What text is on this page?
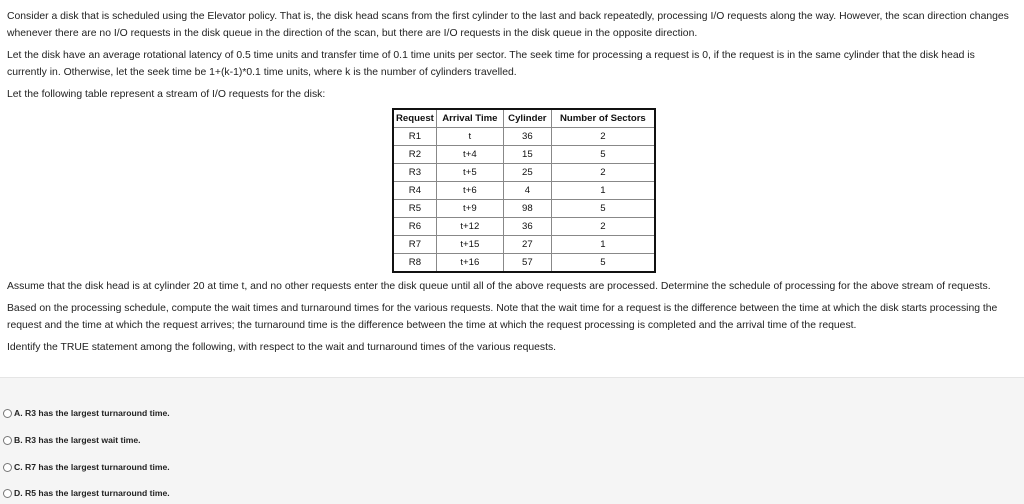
Consider a disk that is scheduled using the Elevator policy. That is, the disk head scans from the first cylinder to the last and back repeatedly, processing I/O requests along the way. However, the scan direction changes whenever there are no I/O requests in the disk queue in the direction of the scan, but there are I/O requests in the disk queue in the opposite direction.

Let the disk have an average rotational latency of 0.5 time units and transfer time of 0.1 time units per sector. The seek time for processing a request is 0, if the request is in the same cylinder that the disk head is currently in. Otherwise, let the seek time be 1+(k-1)*0.1 time units, where k is the number of cylinders travelled.

Let the following table represent a stream of I/O requests for the disk:

Request	Arrival Time	Cylinder	Number of Sectors
R1	t	36	2
R2	t+4	15	5
R3	t+5	25	2
R4	t+6	4	1
R5	t+9	98	5
R6	t+12	36	2
R7	t+15	27	1
R8	t+16	57	5

Assume that the disk head is at cylinder 20 at time t, and no other requests enter the disk queue until all of the above requests are processed. Determine the schedule of processing for the above stream of requests.

Based on the processing schedule, compute the wait times and turnaround times for the various requests. Note that the wait time for a request is the difference between the time at which the disk starts processing the request and the time at which the request arrives; the turnaround time is the difference between the time at which the request processing is completed and the arrival time of the request.

Identify the TRUE statement among the following, with respect to the wait and turnaround times of the various requests.

A. R3 has the largest turnaround time.
B. R3 has the largest wait time.
C. R7 has the largest turnaround time.
D. R5 has the largest turnaround time.
